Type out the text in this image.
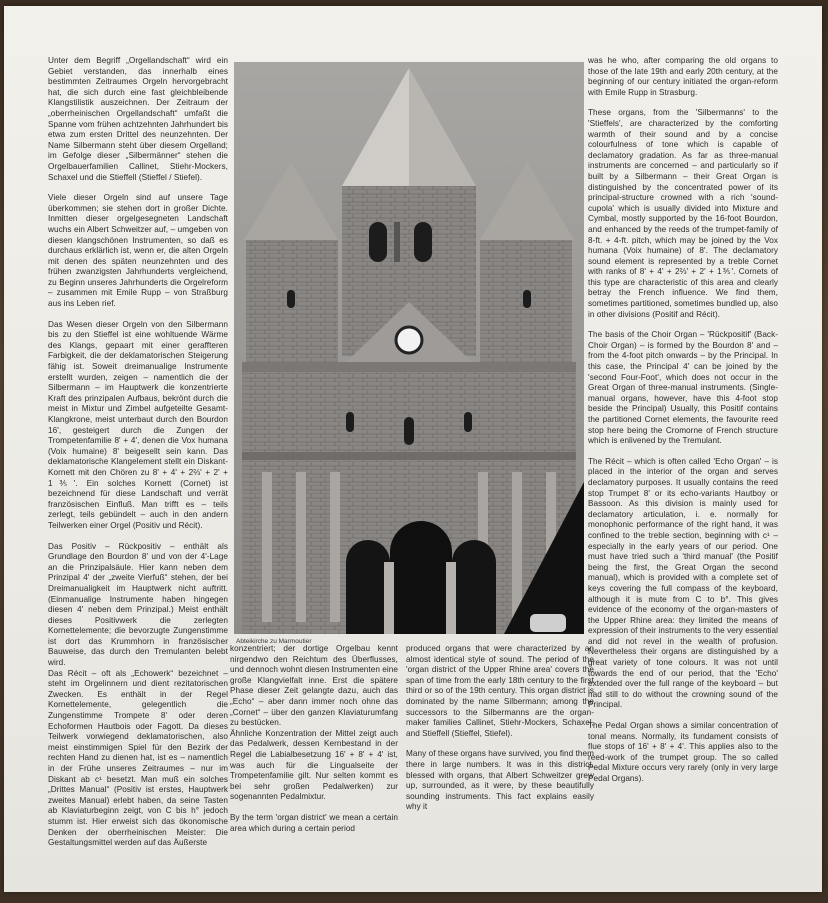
Unter dem Begriff „Orgellandschaft“ wird ein Gebiet verstanden, das innerhalb eines bestimmten Zeitraumes Orgeln hervorgebracht hat, die sich durch eine fast gleichbleibende Klangstilistik auszeichnen. Der Zeitraum der „oberrheinischen Orgellandschaft“ umfaßt die Spanne vom frühen achtzehnten Jahrhundert bis etwa zum ersten Drittel des neunzehnten. Der Name Silbermann steht über diesem Orgelland; im Gefolge dieser „Silbermänner“ stehen die Orgelbauerfamilien Callinet, Stiehr-Mockers, Schaxel und die Stieffell (Stieffel / Stiefel).

Viele dieser Orgeln sind auf unsere Tage überkommen; sie stehen dort in großer Dichte. Inmitten dieser orgelgesegneten Landschaft wuchs ein Albert Schweitzer auf, – umgeben von diesen klangschönen Instrumenten, so daß es durchaus erklärlich ist, wenn er, die alten Orgeln mit denen des späten neunzehnten und des frühen zwanzigsten Jahrhunderts vergleichend, zu Beginn unseres Jahrhunderts die Orgelreform – zusammen mit Emile Rupp – von Straßburg aus ins Leben rief.

Das Wesen dieser Orgeln von den Silbermann bis zu den Stieffel ist eine wohltuende Wärme des Klangs, gepaart mit einer geraffteren Farbigkeit, die der deklamatorischen Steigerung fähig ist. Soweit dreimanualige Instrumente erstellt wurden, zeigen – namentlich die der Silbermann – im Hauptwerk die konzentrierte Kraft des prinzipalen Aufbaus, bekrönt durch die meist in Mixtur und Zimbel aufgeteilte Gesamt-Klangkrone, meist unterbaut durch den Bourdon 16', gesteigert durch die Zungen der Trompetenfamilie 8' + 4', denen die Vox humana (Voix humaine) 8' beigesellt sein kann. Das deklamatorische Klangelement stellt ein Diskant-Kornett mit den Chören zu 8' + 4' + 2⅔' + 2' + 1⅗'. Ein solches Kornett (Cornet) ist bezeichnend für diese Landschaft und verrät französischen Einfluß. Man trifft es – teils zerlegt, teils gebündelt – auch in den andern Teilwerken einer Orgel (Positiv und Récit).

Das Positiv – Rückpositiv – enthält als Grundlage den Bourdon 8' und von der 4'-Lage an die Prinzipalsäule. Hier kann neben dem Prinzipal 4' der „zweite Vierfuß“ stehen, der bei Dreimanualigkeit im Hauptwerk nicht auftritt. (Einmanualige Instrumente haben hingegen diesen 4' neben dem Prinzipal.) Meist enthält dieses Positivwerk die zerlegten Kornettelemente; die bevorzugte Zungenstimme ist dort das Krummhorn in französischer Bauweise, das durch den Tremulanten belebt wird.
Das Récit – oft als „Echowerk“ bezeichnet – steht im Orgelinnern und dient rezitatorischen Zwecken. Es enthält in der Regel Kornettelemente, gelegentlich die Zungenstimme Trompete 8' oder deren Echoformen Hautbois oder Fagott. Da dieses Teilwerk vorwiegend deklamatorischen, also meist einstimmigen Spiel für den Bezirk der rechten Hand zu dienen hat, ist es – namentlich in der Frühe unseres Zeitraumes – nur im Diskant ab c¹ besetzt. Man muß ein solches „Drittes Manual“ (Positiv ist erstes, Hauptwerk zweites Manual) erlebt haben, da seine Tasten ab Klaviaturbeginn zeigt, von C bis h° jedoch stumm ist. Hier erweist sich das ökonomische Denken der oberrheinischen Meister: Die Gestaltungsmittel werden auf das Äußerste

Abteikirche zu Marmoutier

konzentriert; der dortige Orgelbau kennt nirgendwo den Reichtum des Überflusses, und dennoch wohnt diesen Instrumenten eine große Klangvielfalt inne. Erst die spätere Phase dieser Zeit gelangte dazu, auch das „Echo“ – aber dann immer noch ohne das „Cornet“ – über den ganzen Klaviaturumfang zu bestücken.
Ähnliche Konzentration der Mittel zeigt auch das Pedalwerk, dessen Kernbestand in der Regel die Labialbesetzung 16' + 8' + 4' ist, was auch für die Lingualseite der Trompetenfamilie gilt. Nur selten kommt es bei sehr großen Pedalwerken) zur sogenannten Pedalmixtur.

By the term 'organ district' we mean a certain area which during a certain period

produced organs that were characterized by an almost identical style of sound. The period of the 'organ district of the Upper Rhine area' covers the span of time from the early 18th century to the first third or so of the 19th century. This organ district is dominated by the name Silbermann; among the successors to the Silbermanns are the organ-maker families Callinet, Stiehr-Mockers, Schaxel, and Stieffell (Stieffel, Stiefel).

Many of these organs have survived, you find them there in large numbers. It was in this district, blessed with organs, that Albert Schweitzer grew up, surrounded, as it were, by these beautifully sounding instruments. This fact explains easily why it

was he who, after comparing the old organs to those of the late 19th and early 20th century, at the beginning of our century initiated the organ-reform with Emile Rupp in Strasburg.

These organs, from the 'Silbermanns' to the 'Stieffels', are characterized by the comforting warmth of their sound and by a concise colourfulness of tone which is capable of declamatory gradation. As far as three-manual instruments are concerned – and particularly so if built by a Silbermann – their Great Organ is distinguished by the concentrated power of its principal-structure crowned with a rich 'sound-cupola' which is usually divided into Mixture and Cymbal, mostly supported by the 16-foot Bourdon, and enhanced by the reeds of the trumpet-family of 8-ft. + 4-ft. pitch, which may be joined by the Vox humana (Voix humaine) of 8'. The declamatory sound element is represented by a treble Cornet with ranks of 8' + 4' + 2⅔' + 2' + 1⅗'. Cornets of this type are characteristic of this area and clearly betray the French influence. We find them, sometimes partitioned, sometimes bundled up, also in other divisions (Positif and Récit).

The basis of the Choir Organ – 'Rückpositif' (Back-Choir Organ) – is formed by the Bourdon 8' and – from the 4-foot pitch onwards – by the Principal. In this case, the Principal 4' can be joined by the 'second Four-Foot', which does not occur in the Great Organ of three-manual instruments. (Single-manual organs, however, have this 4-foot stop beside the Principal) Usually, this Positif contains the partitioned Cornet elements, the favourite reed stop here being the Cromorne of French structure which is enlivened by the Tremulant.

The Récit – which is often called 'Echo Organ' – is placed in the interior of the organ and serves declamatory purposes. It usually contains the reed stop Trumpet 8' or its echo-variants Hautboy or Bassoon. As this division is mainly used for declamatory articulation, i. e. normally for monophonic performance of the right hand, it was confined to the treble section, beginning with c¹ – especially in the early years of our period. One must have tried such a 'third manual' (the Positif being the first, the Great Organ the second manual), which is provided with a complete set of keys covering the full compass of the keyboard, although it is mute from C to b°. This gives evidence of the economy of the organ-masters of the Upper Rhine area: they limited the means of expression of their instruments to the very essential and did not revel in the wealth of profusion. Nevertheless their organs are distinguished by a great variety of tone colours. It was not until towards the end of our period, that the 'Echo' extended over the full range of the keyboard – but had still to do without the crowning sound of the Principal.

The Pedal Organ shows a similar concentration of tonal means. Normally, its fundament consists of flue stops of 16' + 8' + 4'. This applies also to the reed-work of the trumpet group. The so called Pedal Mixture occurs very rarely (only in very large Pedal Organs).
